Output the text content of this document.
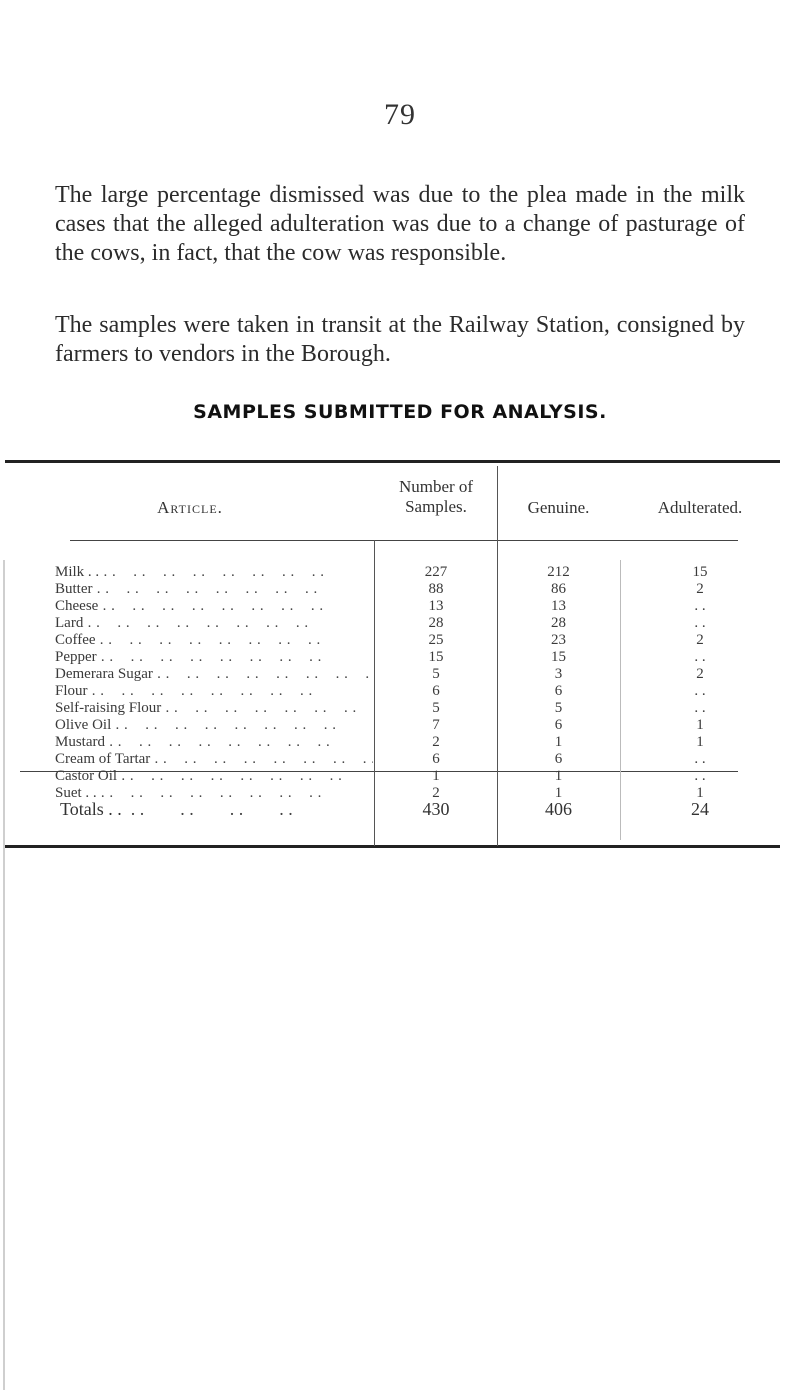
79

The large percentage dismissed was due to the plea made in the milk cases that the alleged adulteration was due to a change of pasturage of the cows, in fact, that the cow was responsible.

The samples were taken in transit at the Railway Station, consigned by farmers to vendors in the Borough.

SAMPLES SUBMITTED FOR ANALYSIS.
Article.
Number of Samples.	Genuine.	Adulterated.
Milk . . . .	227	212	15
Butter . .	88	86	2
Cheese . .	13	13	. .
Lard . .	28	28	. .
Coffee . .	25	23	2
Pepper . .	15	15	. .
Demerara Sugar . .	5	3	2
Flour . .	6	6	. .
Self-raising Flour . .	5	5	. .
Olive Oil . .	7	6	1
Mustard . .	2	1	1
Cream of Tartar . .	6	6	. .
Castor Oil . .	1	1	. .
Suet . . . .	2	1	1
Totals . . . .	430	406	24
